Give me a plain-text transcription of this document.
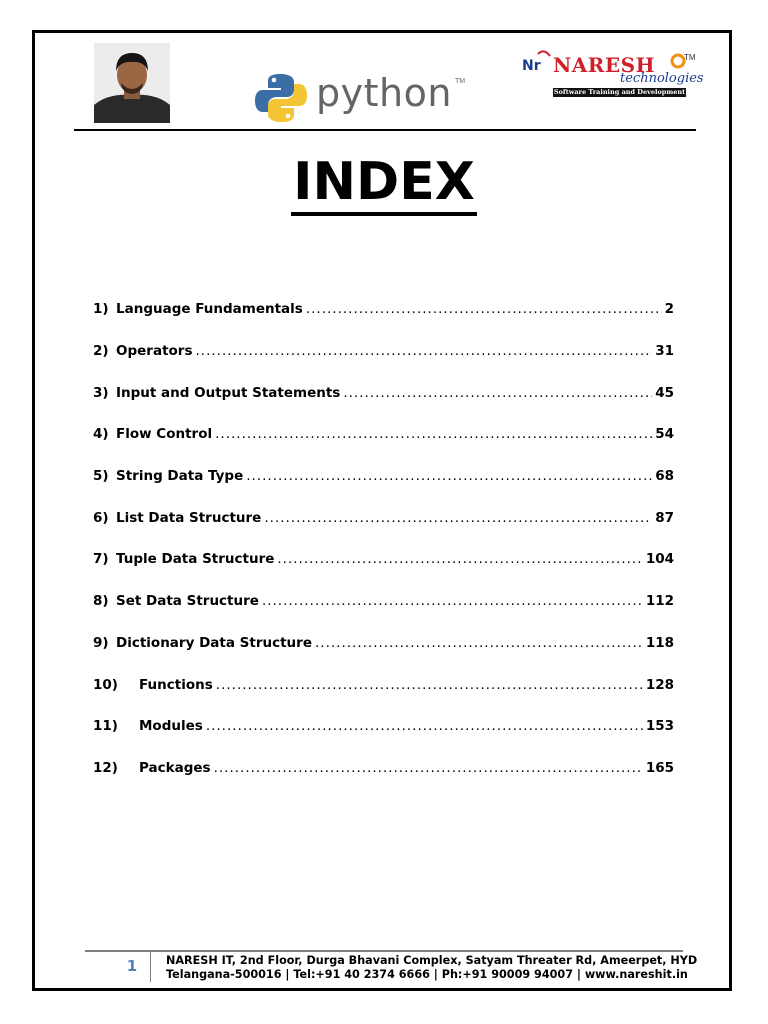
python TM
Nr NARESH	TM
technologies
Software Training and Development
INDEX
1) Language Fundamentals .....	2
2) Operators .....	31
3) Input and Output Statements .....	45
4) Flow Control .....	54
5) String Data Type .....	68
6) List Data Structure .....	87
7) Tuple Data Structure .....	104
8) Set Data Structure .....	112
9) Dictionary Data Structure .....	118
10)	Functions .....	128
11)	Modules .....	153
12)	Packages .....	165
1	NARESH IT, 2nd Floor, Durga Bhavani Complex, Satyam Threater Rd, Ameerpet, HYD
Telangana-500016 | Tel:+91 40 2374 6666 | Ph:+91 90009 94007 | www.nareshit.in
